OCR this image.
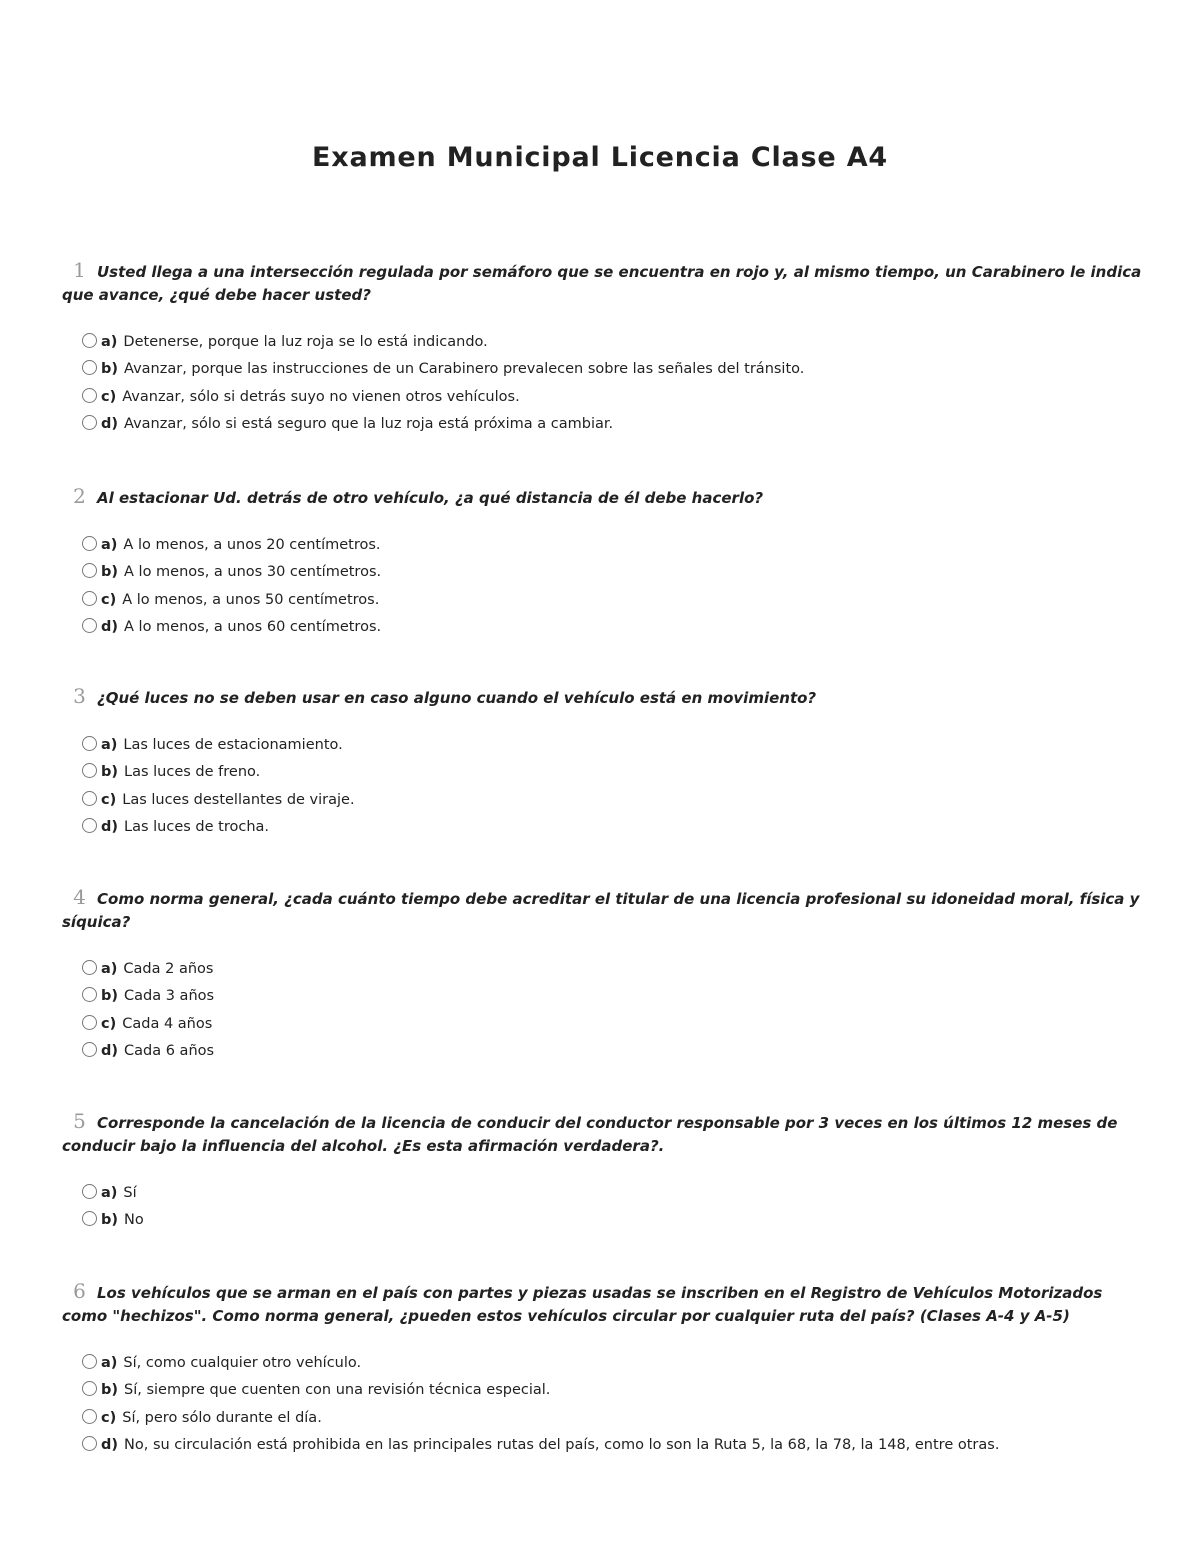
Examen Municipal Licencia Clase A4

1 Usted llega a una intersección regulada por semáforo que se encuentra en rojo y, al mismo tiempo, un Carabinero le indica que avance, ¿qué debe hacer usted?

a) Detenerse, porque la luz roja se lo está indicando.
b) Avanzar, porque las instrucciones de un Carabinero prevalecen sobre las señales del tránsito.
c) Avanzar, sólo si detrás suyo no vienen otros vehículos.
d) Avanzar, sólo si está seguro que la luz roja está próxima a cambiar.

2 Al estacionar Ud. detrás de otro vehículo, ¿a qué distancia de él debe hacerlo?

a) A lo menos, a unos 20 centímetros.
b) A lo menos, a unos 30 centímetros.
c) A lo menos, a unos 50 centímetros.
d) A lo menos, a unos 60 centímetros.

3 ¿Qué luces no se deben usar en caso alguno cuando el vehículo está en movimiento?

a) Las luces de estacionamiento.
b) Las luces de freno.
c) Las luces destellantes de viraje.
d) Las luces de trocha.

4 Como norma general, ¿cada cuánto tiempo debe acreditar el titular de una licencia profesional su idoneidad moral, física y síquica?

a) Cada 2 años
b) Cada 3 años
c) Cada 4 años
d) Cada 6 años

5 Corresponde la cancelación de la licencia de conducir del conductor responsable por 3 veces en los últimos 12 meses de conducir bajo la influencia del alcohol. ¿Es esta afirmación verdadera?.

a) Sí
b) No

6 Los vehículos que se arman en el país con partes y piezas usadas se inscriben en el Registro de Vehículos Motorizados como "hechizos". Como norma general, ¿pueden estos vehículos circular por cualquier ruta del país? (Clases A-4 y A-5)

a) Sí, como cualquier otro vehículo.
b) Sí, siempre que cuenten con una revisión técnica especial.
c) Sí, pero sólo durante el día.
d) No, su circulación está prohibida en las principales rutas del país, como lo son la Ruta 5, la 68, la 78, la 148, entre otras.
